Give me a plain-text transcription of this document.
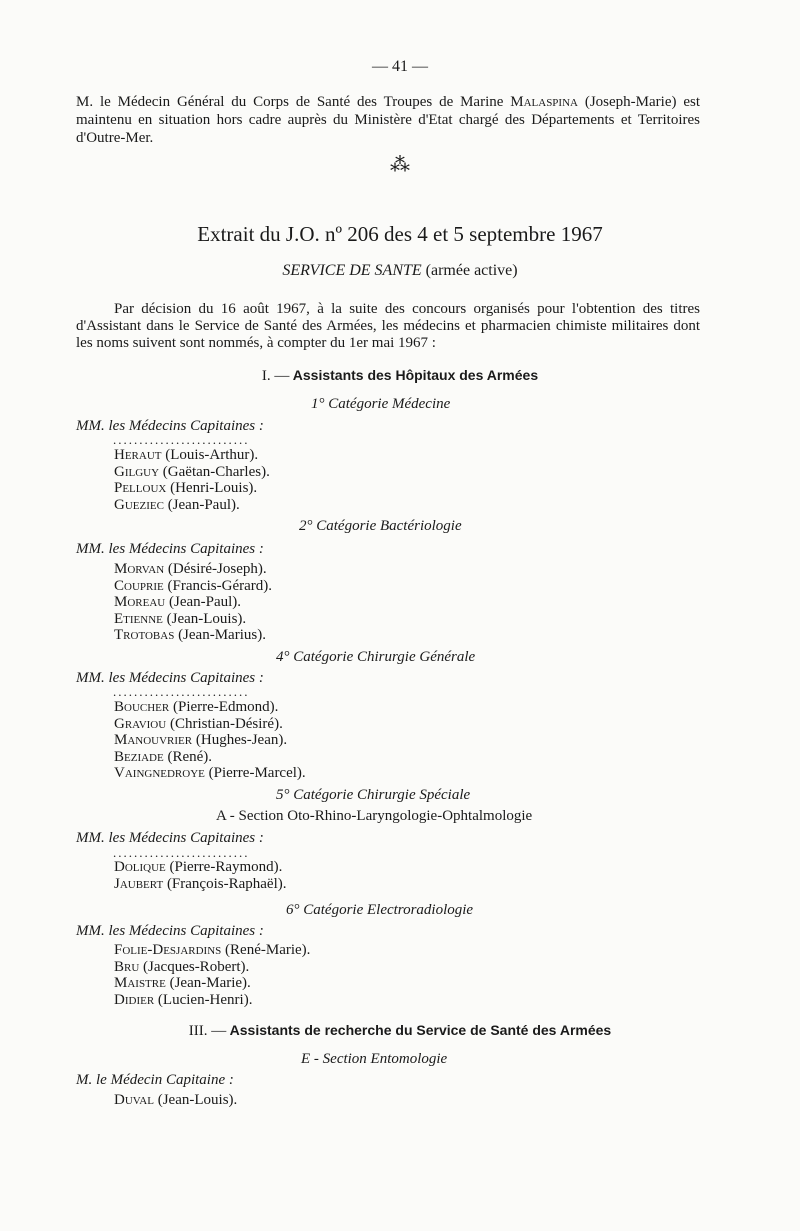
— 41 —
M. le Médecin Général du Corps de Santé des Troupes de Marine Malaspina (Joseph-Marie) est maintenu en situation hors cadre auprès du Ministère d'Etat chargé des Départements et Territoires d'Outre-Mer.
⁂
Extrait du J.O. nº 206 des 4 et 5 septembre 1967
SERVICE DE SANTE (armée active)
Par décision du 16 août 1967, à la suite des concours organisés pour l'obtention des titres d'Assistant dans le Service de Santé des Armées, les médecins et pharmacien chimiste militaires dont les noms suivent sont nommés, à compter du 1er mai 1967 :
I. — Assistants des Hôpitaux des Armées
1° Catégorie Médecine
MM. les Médecins Capitaines :
..........................
Heraut (Louis-Arthur).
Gilguy (Gaëtan-Charles).
Pelloux (Henri-Louis).
Gueziec (Jean-Paul).
2° Catégorie Bactériologie
MM. les Médecins Capitaines :
Morvan (Désiré-Joseph).
Couprie (Francis-Gérard).
Moreau (Jean-Paul).
Etienne (Jean-Louis).
Trotobas (Jean-Marius).
4° Catégorie Chirurgie Générale
MM. les Médecins Capitaines :
..........................
Boucher (Pierre-Edmond).
Graviou (Christian-Désiré).
Manouvrier (Hughes-Jean).
Beziade (René).
Vaingnedroye (Pierre-Marcel).
5° Catégorie Chirurgie Spéciale
A - Section Oto-Rhino-Laryngologie-Ophtalmologie
MM. les Médecins Capitaines :
..........................
Dolique (Pierre-Raymond).
Jaubert (François-Raphaël).
6° Catégorie Electroradiologie
MM. les Médecins Capitaines :
Folie-Desjardins (René-Marie).
Bru (Jacques-Robert).
Maistre (Jean-Marie).
Didier (Lucien-Henri).
III. — Assistants de recherche du Service de Santé des Armées
E - Section Entomologie
M. le Médecin Capitaine :
Duval (Jean-Louis).
